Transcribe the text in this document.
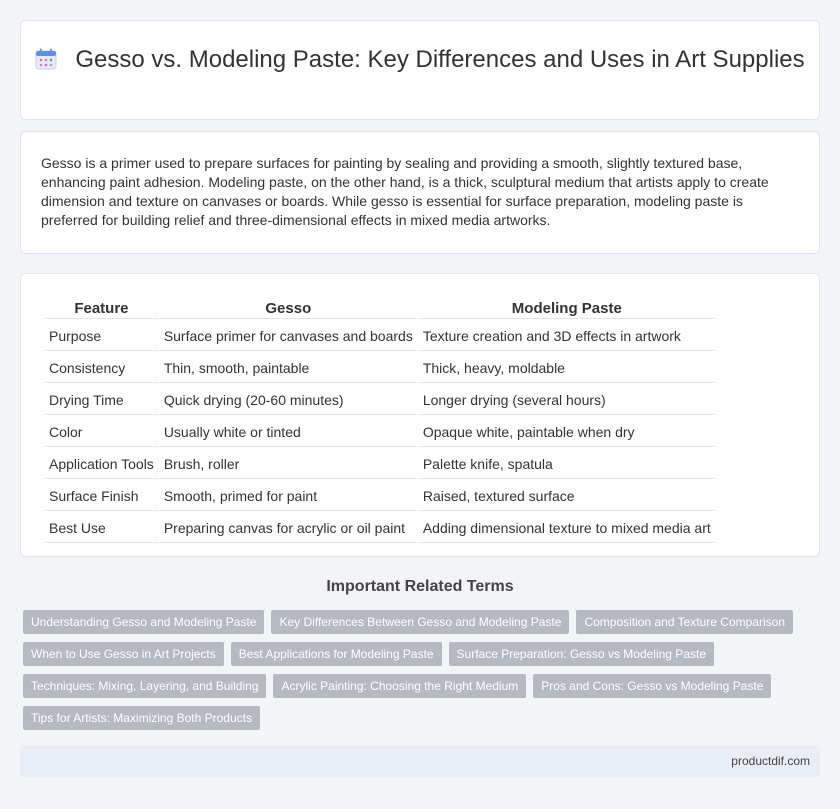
Gesso vs. Modeling Paste: Key Differences and Uses in Art Supplies

Gesso is a primer used to prepare surfaces for painting by sealing and providing a smooth, slightly textured base, enhancing paint adhesion. Modeling paste, on the other hand, is a thick, sculptural medium that artists apply to create dimension and texture on canvases or boards. While gesso is essential for surface preparation, modeling paste is preferred for building relief and three-dimensional effects in mixed media artworks.

Feature	Gesso	Modeling Paste
Purpose	Surface primer for canvases and boards	Texture creation and 3D effects in artwork
Consistency	Thin, smooth, paintable	Thick, heavy, moldable
Drying Time	Quick drying (20-60 minutes)	Longer drying (several hours)
Color	Usually white or tinted	Opaque white, paintable when dry
Application Tools	Brush, roller	Palette knife, spatula
Surface Finish	Smooth, primed for paint	Raised, textured surface
Best Use	Preparing canvas for acrylic or oil paint	Adding dimensional texture to mixed media art
Important Related Terms
Understanding Gesso and Modeling Paste	Key Differences Between Gesso and Modeling Paste	Composition and Texture Comparison
When to Use Gesso in Art Projects	Best Applications for Modeling Paste	Surface Preparation: Gesso vs Modeling Paste
Techniques: Mixing, Layering, and Building	Acrylic Painting: Choosing the Right Medium	Pros and Cons: Gesso vs Modeling Paste
Tips for Artists: Maximizing Both Products
productdif.com
